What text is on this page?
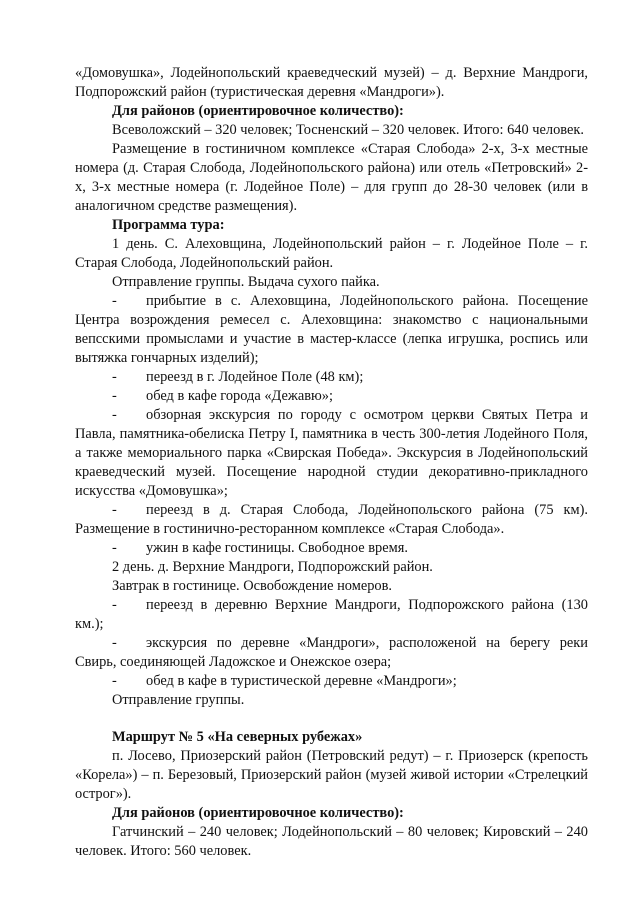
«Домовушка», Лодейнопольский краеведческий музей) – д. Верхние Мандроги, Подпорожский район (туристическая деревня «Мандроги»).

Для районов (ориентировочное количество):

Всеволожский – 320 человек; Тосненский – 320 человек. Итого: 640 человек.

Размещение в гостиничном комплексе «Старая Слобода» 2-х, 3-х местные номера (д. Старая Слобода, Лодейнопольского района) или отель «Петровский» 2-х, 3-х местные номера (г. Лодейное Поле) – для групп до 28-30 человек (или в аналогичном средстве размещения).

Программа тура:

1 день. С. Алеховщина, Лодейнопольский район – г. Лодейное Поле – г. Старая Слобода, Лодейнопольский район.

Отправление группы. Выдача сухого пайка.

- прибытие в с. Алеховщина, Лодейнопольского района. Посещение Центра возрождения ремесел с. Алеховщина: знакомство с национальными вепсскими промыслами и участие в мастер-классе (лепка игрушка, роспись или вытяжка гончарных изделий);

- переезд в г. Лодейное Поле (48 км);

- обед в кафе города «Дежавю»;

- обзорная экскурсия по городу с осмотром церкви Святых Петра и Павла, памятника-обелиска Петру I, памятника в честь 300-летия Лодейного Поля, а также мемориального парка «Свирская Победа». Экскурсия в Лодейнопольский краеведческий музей. Посещение народной студии декоративно-прикладного искусства «Домовушка»;

- переезд в д. Старая Слобода, Лодейнопольского района (75 км). Размещение в гостинично-ресторанном комплексе «Старая Слобода».

- ужин в кафе гостиницы. Свободное время.

2 день. д. Верхние Мандроги, Подпорожский район.

Завтрак в гостинице. Освобождение номеров.

- переезд в деревню Верхние Мандроги, Подпорожского района (130 км.);

- экскурсия по деревне «Мандроги», расположеной на берегу реки Свирь, соединяющей Ладожское и Онежское озера;

- обед в кафе в туристической деревне «Мандроги»;

Отправление группы.

Маршрут № 5 «На северных рубежах»

п. Лосево, Приозерский район (Петровский редут) – г. Приозерск (крепость «Корела») – п. Березовый, Приозерский район (музей живой истории «Стрелецкий острог»).

Для районов (ориентировочное количество):

Гатчинский – 240 человек; Лодейнопольский – 80 человек; Кировский – 240 человек. Итого: 560 человек.
